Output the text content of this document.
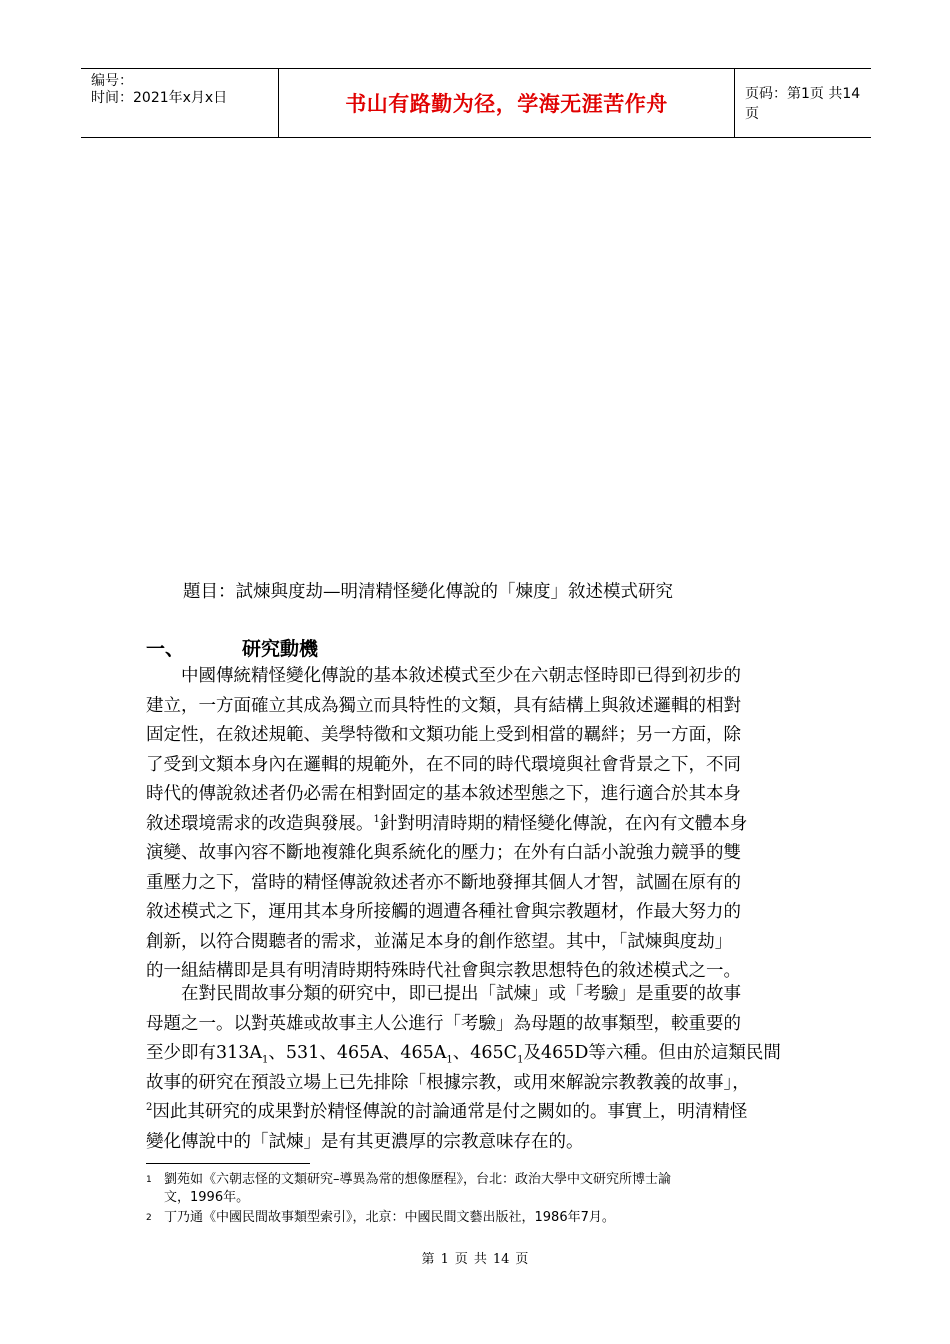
编号：
时间：2021年x月x日	书山有路勤为径，学海无涯苦作舟	页码：第1页 共14页
題目：試煉與度劫—明清精怪變化傳說的「煉度」敘述模式研究
一、	研究動機
　　中國傳統精怪變化傳說的基本敘述模式至少在六朝志怪時即已得到初步的
建立，一方面確立其成為獨立而具特性的文類，具有結構上與敘述邏輯的相對
固定性，在敘述規範、美學特徵和文類功能上受到相當的羈絆；另一方面，除
了受到文類本身內在邏輯的規範外，在不同的時代環境與社會背景之下，不同
時代的傳說敘述者仍必需在相對固定的基本敘述型態之下，進行適合於其本身
敘述環境需求的改造與發展。$^1$針對明清時期的精怪變化傳說，在內有文體本身
演變、故事內容不斷地複雜化與系統化的壓力；在外有白話小說強力競爭的雙
重壓力之下，當時的精怪傳說敘述者亦不斷地發揮其個人才智，試圖在原有的
敘述模式之下，運用其本身所接觸的週遭各種社會與宗教題材，作最大努力的
創新，以符合閱聽者的需求，並滿足本身的創作慾望。其中，「試煉與度劫」
的一組結構即是具有明清時期特殊時代社會與宗教思想特色的敘述模式之一。
　　在對民間故事分類的研究中，即已提出「試煉」或「考驗」是重要的故事
母題之一。以對英雄或故事主人公進行「考驗」為母題的故事類型，較重要的
至少即有$313A_1$、531、465A、$465A_1$、$465C_1$及465D等六種。但由於這類民間
故事的研究在預設立場上已先排除「根據宗教，或用來解說宗教教義的故事」，
$^2$因此其研究的成果對於精怪傳說的討論通常是付之闕如的。事實上，明清精怪
變化傳說中的「試煉」是有其更濃厚的宗教意味存在的。
1 劉苑如《六朝志怪的文類研究–導異為常的想像歷程》，台北：政治大學中文研究所博士論
文，1996年。
2 丁乃通《中國民間故事類型索引》，北京：中國民間文藝出版社，1986年7月。
第 1 页 共 14 页
